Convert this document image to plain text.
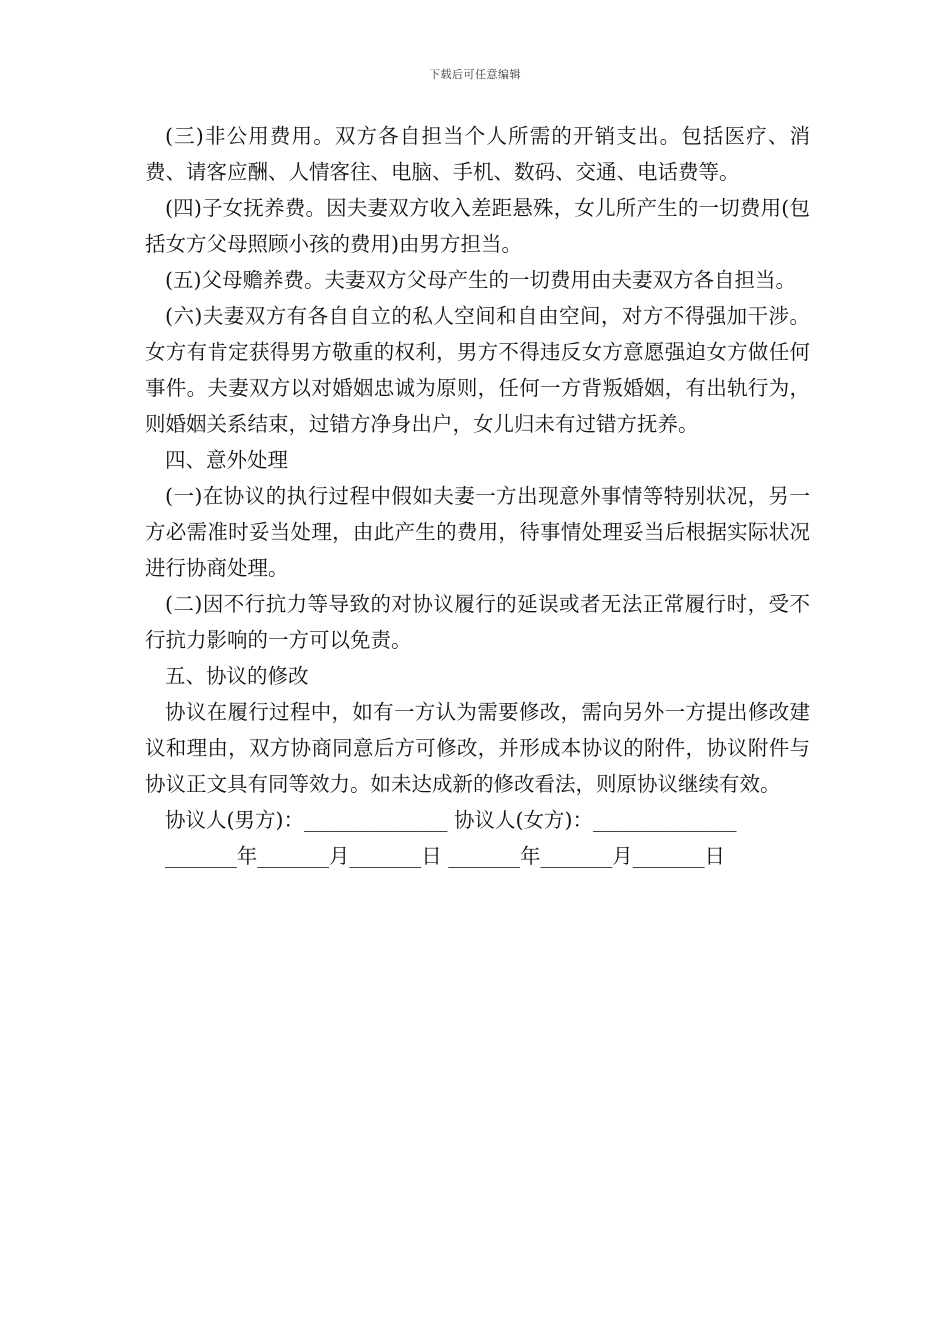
下载后可任意编辑

(三)非公用费用。双方各自担当个人所需的开销支出。包括医疗、消费、请客应酬、人情客往、电脑、手机、数码、交通、电话费等。

(四)子女抚养费。因夫妻双方收入差距悬殊，女儿所产生的一切费用(包括女方父母照顾小孩的费用)由男方担当。

(五)父母赡养费。夫妻双方父母产生的一切费用由夫妻双方各自担当。

(六)夫妻双方有各自自立的私人空间和自由空间，对方不得强加干涉。女方有肯定获得男方敬重的权利，男方不得违反女方意愿强迫女方做任何事件。夫妻双方以对婚姻忠诚为原则，任何一方背叛婚姻，有出轨行为，则婚姻关系结束，过错方净身出户，女儿归未有过错方抚养。

四、意外处理

(一)在协议的执行过程中假如夫妻一方出现意外事情等特别状况，另一方必需准时妥当处理，由此产生的费用，待事情处理妥当后根据实际状况进行协商处理。

(二)因不行抗力等导致的对协议履行的延误或者无法正常履行时，受不行抗力影响的一方可以免责。

五、协议的修改

协议在履行过程中，如有一方认为需要修改，需向另外一方提出修改建议和理由，双方协商同意后方可修改，并形成本协议的附件，协议附件与协议正文具有同等效力。如未达成新的修改看法，则原协议继续有效。

协议人(男方)：______________ 协议人(女方)：______________

_______年_______月_______日 _______年_______月_______日
